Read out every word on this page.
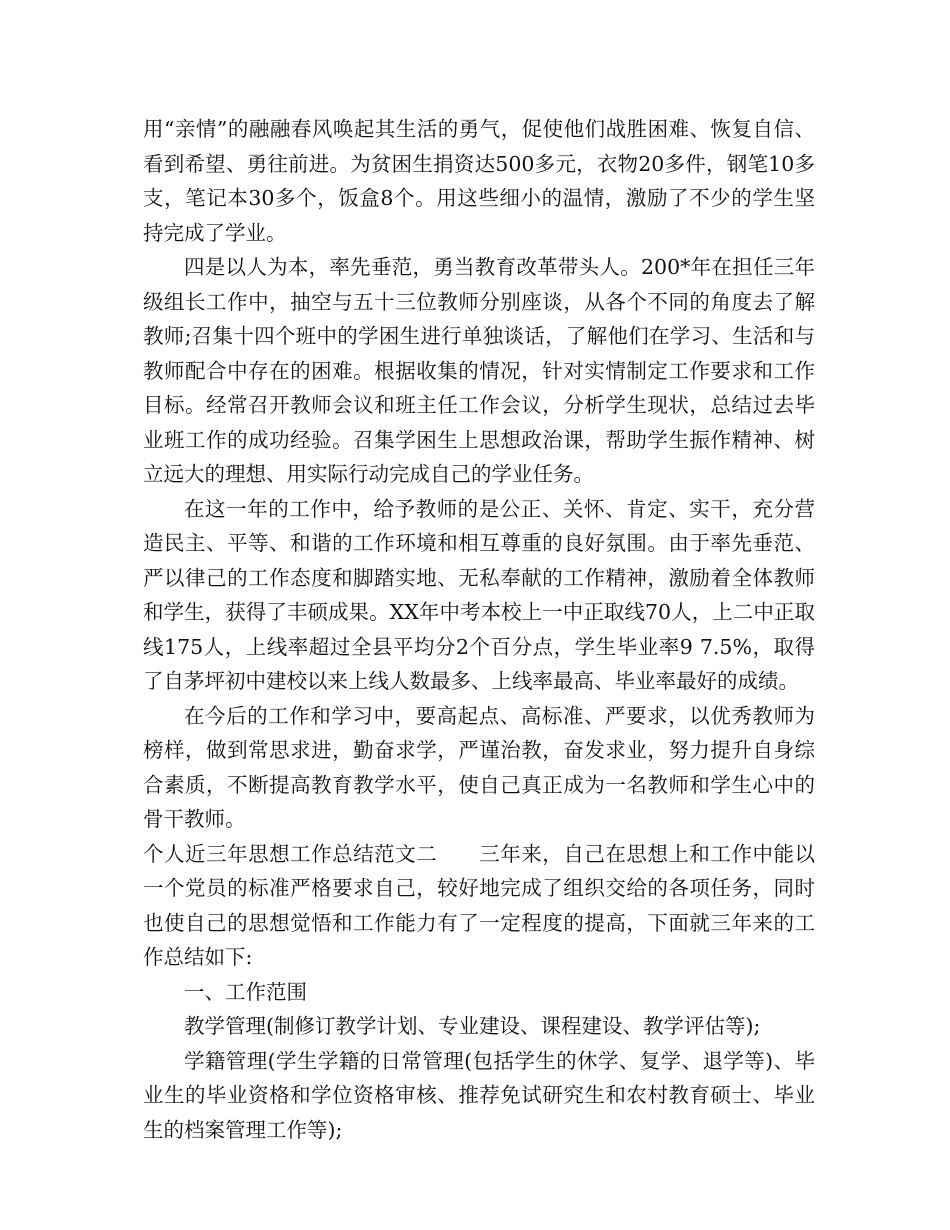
用“亲情”的融融春风唤起其生活的勇气，促使他们战胜困难、恢复自信、看到希望、勇往前进。为贫困生捐资达500多元，衣物20多件，钢笔10多支，笔记本30多个，饭盒8个。用这些细小的温情，激励了不少的学生坚持完成了学业。

四是以人为本，率先垂范，勇当教育改革带头人。200*年在担任三年级组长工作中，抽空与五十三位教师分别座谈，从各个不同的角度去了解教师;召集十四个班中的学困生进行单独谈话，了解他们在学习、生活和与教师配合中存在的困难。根据收集的情况，针对实情制定工作要求和工作目标。经常召开教师会议和班主任工作会议，分析学生现状，总结过去毕业班工作的成功经验。召集学困生上思想政治课，帮助学生振作精神、树立远大的理想、用实际行动完成自己的学业任务。

在这一年的工作中，给予教师的是公正、关怀、肯定、实干，充分营造民主、平等、和谐的工作环境和相互尊重的良好氛围。由于率先垂范、严以律己的工作态度和脚踏实地、无私奉献的工作精神，激励着全体教师和学生，获得了丰硕成果。XX年中考本校上一中正取线70人，上二中正取线175人，上线率超过全县平均分2个百分点，学生毕业率9 7.5%，取得了自茅坪初中建校以来上线人数最多、上线率最高、毕业率最好的成绩。

在今后的工作和学习中，要高起点、高标准、严要求，以优秀教师为榜样，做到常思求进，勤奋求学，严谨治教，奋发求业，努力提升自身综合素质，不断提高教育教学水平，使自己真正成为一名教师和学生心中的骨干教师。

个人近三年思想工作总结范文二　　三年来，自己在思想上和工作中能以一个党员的标准严格要求自己，较好地完成了组织交给的各项任务，同时也使自己的思想觉悟和工作能力有了一定程度的提高，下面就三年来的工作总结如下:

一、工作范围

教学管理(制修订教学计划、专业建设、课程建设、教学评估等);

学籍管理(学生学籍的日常管理(包括学生的休学、复学、退学等)、毕业生的毕业资格和学位资格审核、推荐免试研究生和农村教育硕士、毕业生的档案管理工作等);
